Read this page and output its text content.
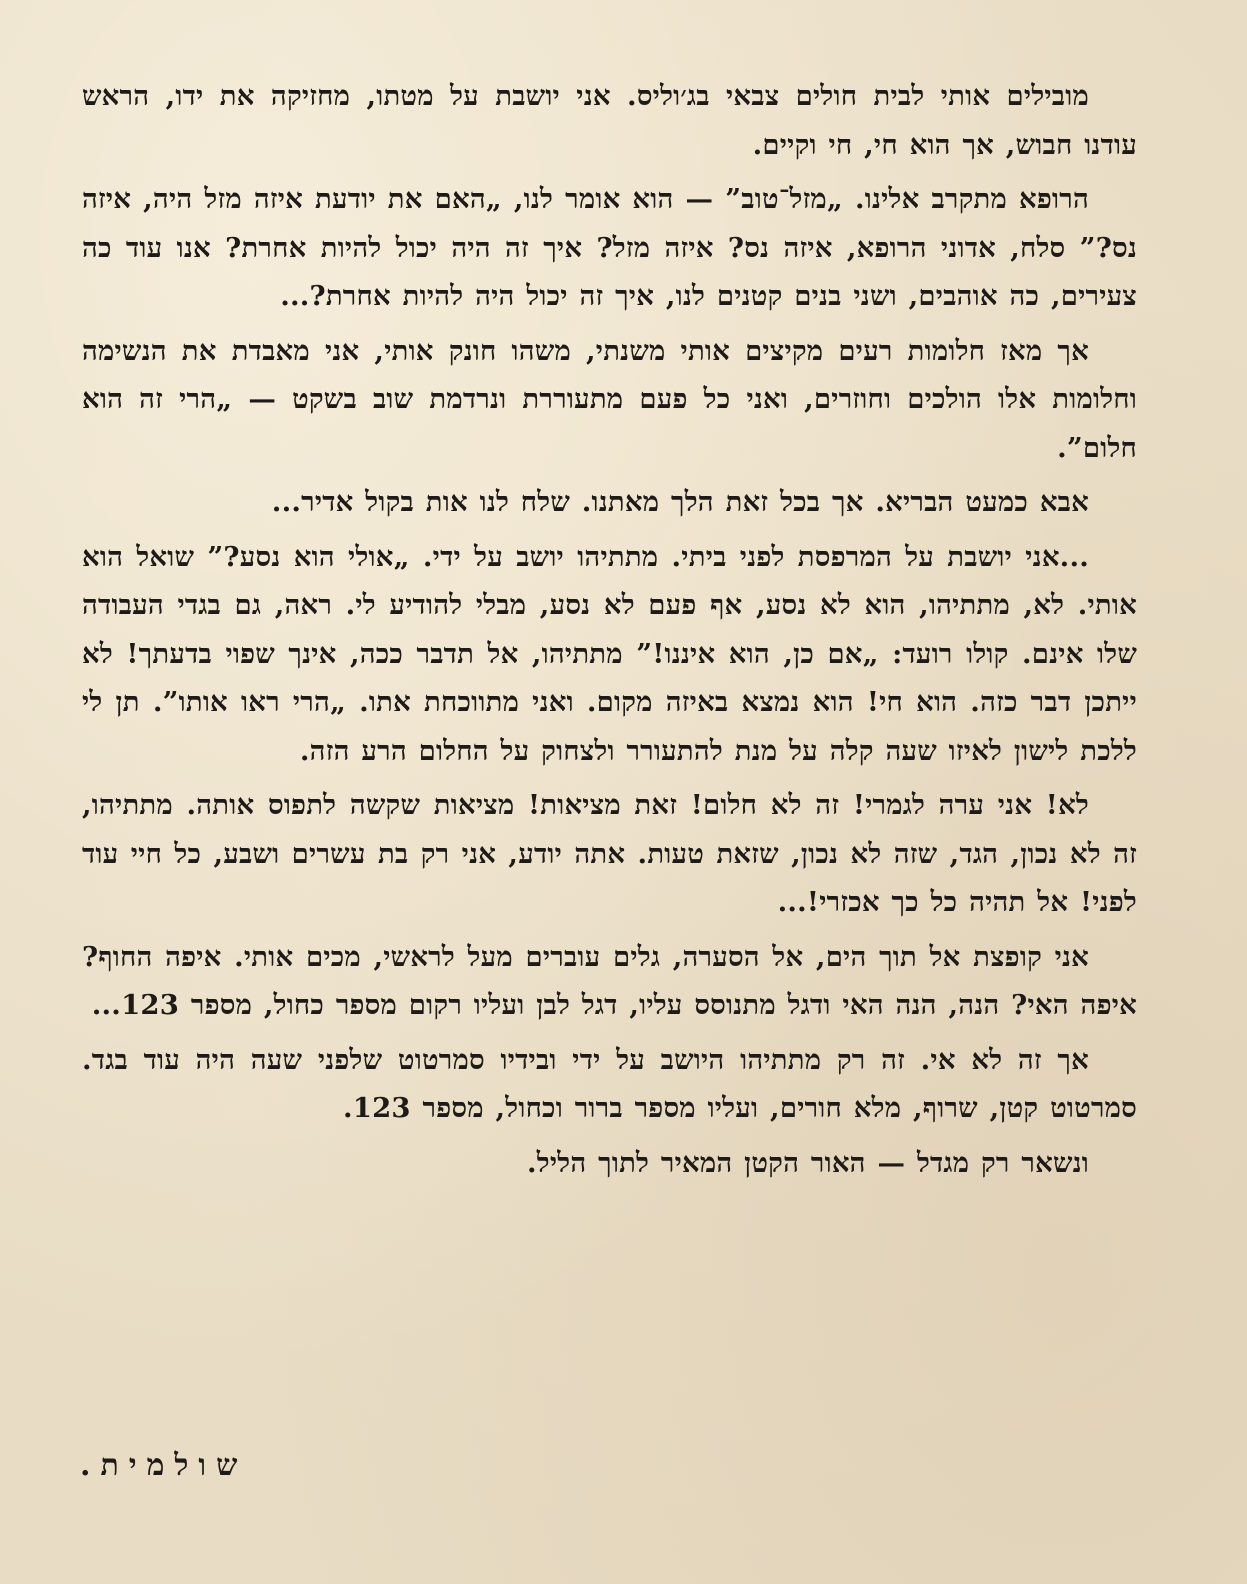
מובילים אותי לבית חולים צבאי בג׳וליס. אני יושבת על מטתו, מחזיקה את ידו, הראש עודנו חבוש, אך הוא חי, חי וקיים.

הרופא מתקרב אלינו. „מזל־טוב” — הוא אומר לנו, „האם את יודעת איזה מזל היה, איזה נס?” סלח, אדוני הרופא, איזה נס? איזה מזל? איך זה היה יכול להיות אחרת? אנו עוד כה צעירים, כה אוהבים, ושני בנים קטנים לנו, איך זה יכול היה להיות אחרת?...

אך מאז חלומות רעים מקיצים אותי משנתי, משהו חונק אותי, אני מאבדת את הנשימה וחלומות אלו הולכים וחוזרים, ואני כל פעם מתעוררת ונרדמת שוב בשקט — „הרי זה הוא חלום”.

אבא כמעט הבריא. אך בכל זאת הלך מאתנו. שלח לנו אות בקול אדיר...

...אני יושבת על המרפסת לפני ביתי. מתתיהו יושב על ידי. „אולי הוא נסע?” שואל הוא אותי. לא, מתתיהו, הוא לא נסע, אף פעם לא נסע, מבלי להודיע לי. ראה, גם בגדי העבודה שלו אינם. קולו רועד: „אם כן, הוא איננו!” מתתיהו, אל תדבר ככה, אינך שפוי בדעתך! לא ייתכן דבר כזה. הוא חי! הוא נמצא באיזה מקום. ואני מתווכחת אתו. „הרי ראו אותו”. תן לי ללכת לישון לאיזו שעה קלה על מנת להתעורר ולצחוק על החלום הרע הזה.

לא! אני ערה לגמרי! זה לא חלום! זאת מציאות! מציאות שקשה לתפוס אותה. מתתיהו, זה לא נכון, הגד, שזה לא נכון, שזאת טעות. אתה יודע, אני רק בת עשרים ושבע, כל חיי עוד לפני! אל תהיה כל כך אכזרי!...

אני קופצת אל תוך הים, אל הסערה, גלים עוברים מעל לראשי, מכים אותי. איפה החוף? איפה האי? הנה, הנה האי ודגל מתנוסס עליו, דגל לבן ועליו רקום מספר כחול, מספר 123...

אך זה לא אי. זה רק מתתיהו היושב על ידי ובידיו סמרטוט שלפני שעה היה עוד בגד. סמרטוט קטן, שרוף, מלא חורים, ועליו מספר ברור וכחול, מספר 123.

ונשאר רק מגדל — האור הקטן המאיר לתוך הליל.

שולמית.
